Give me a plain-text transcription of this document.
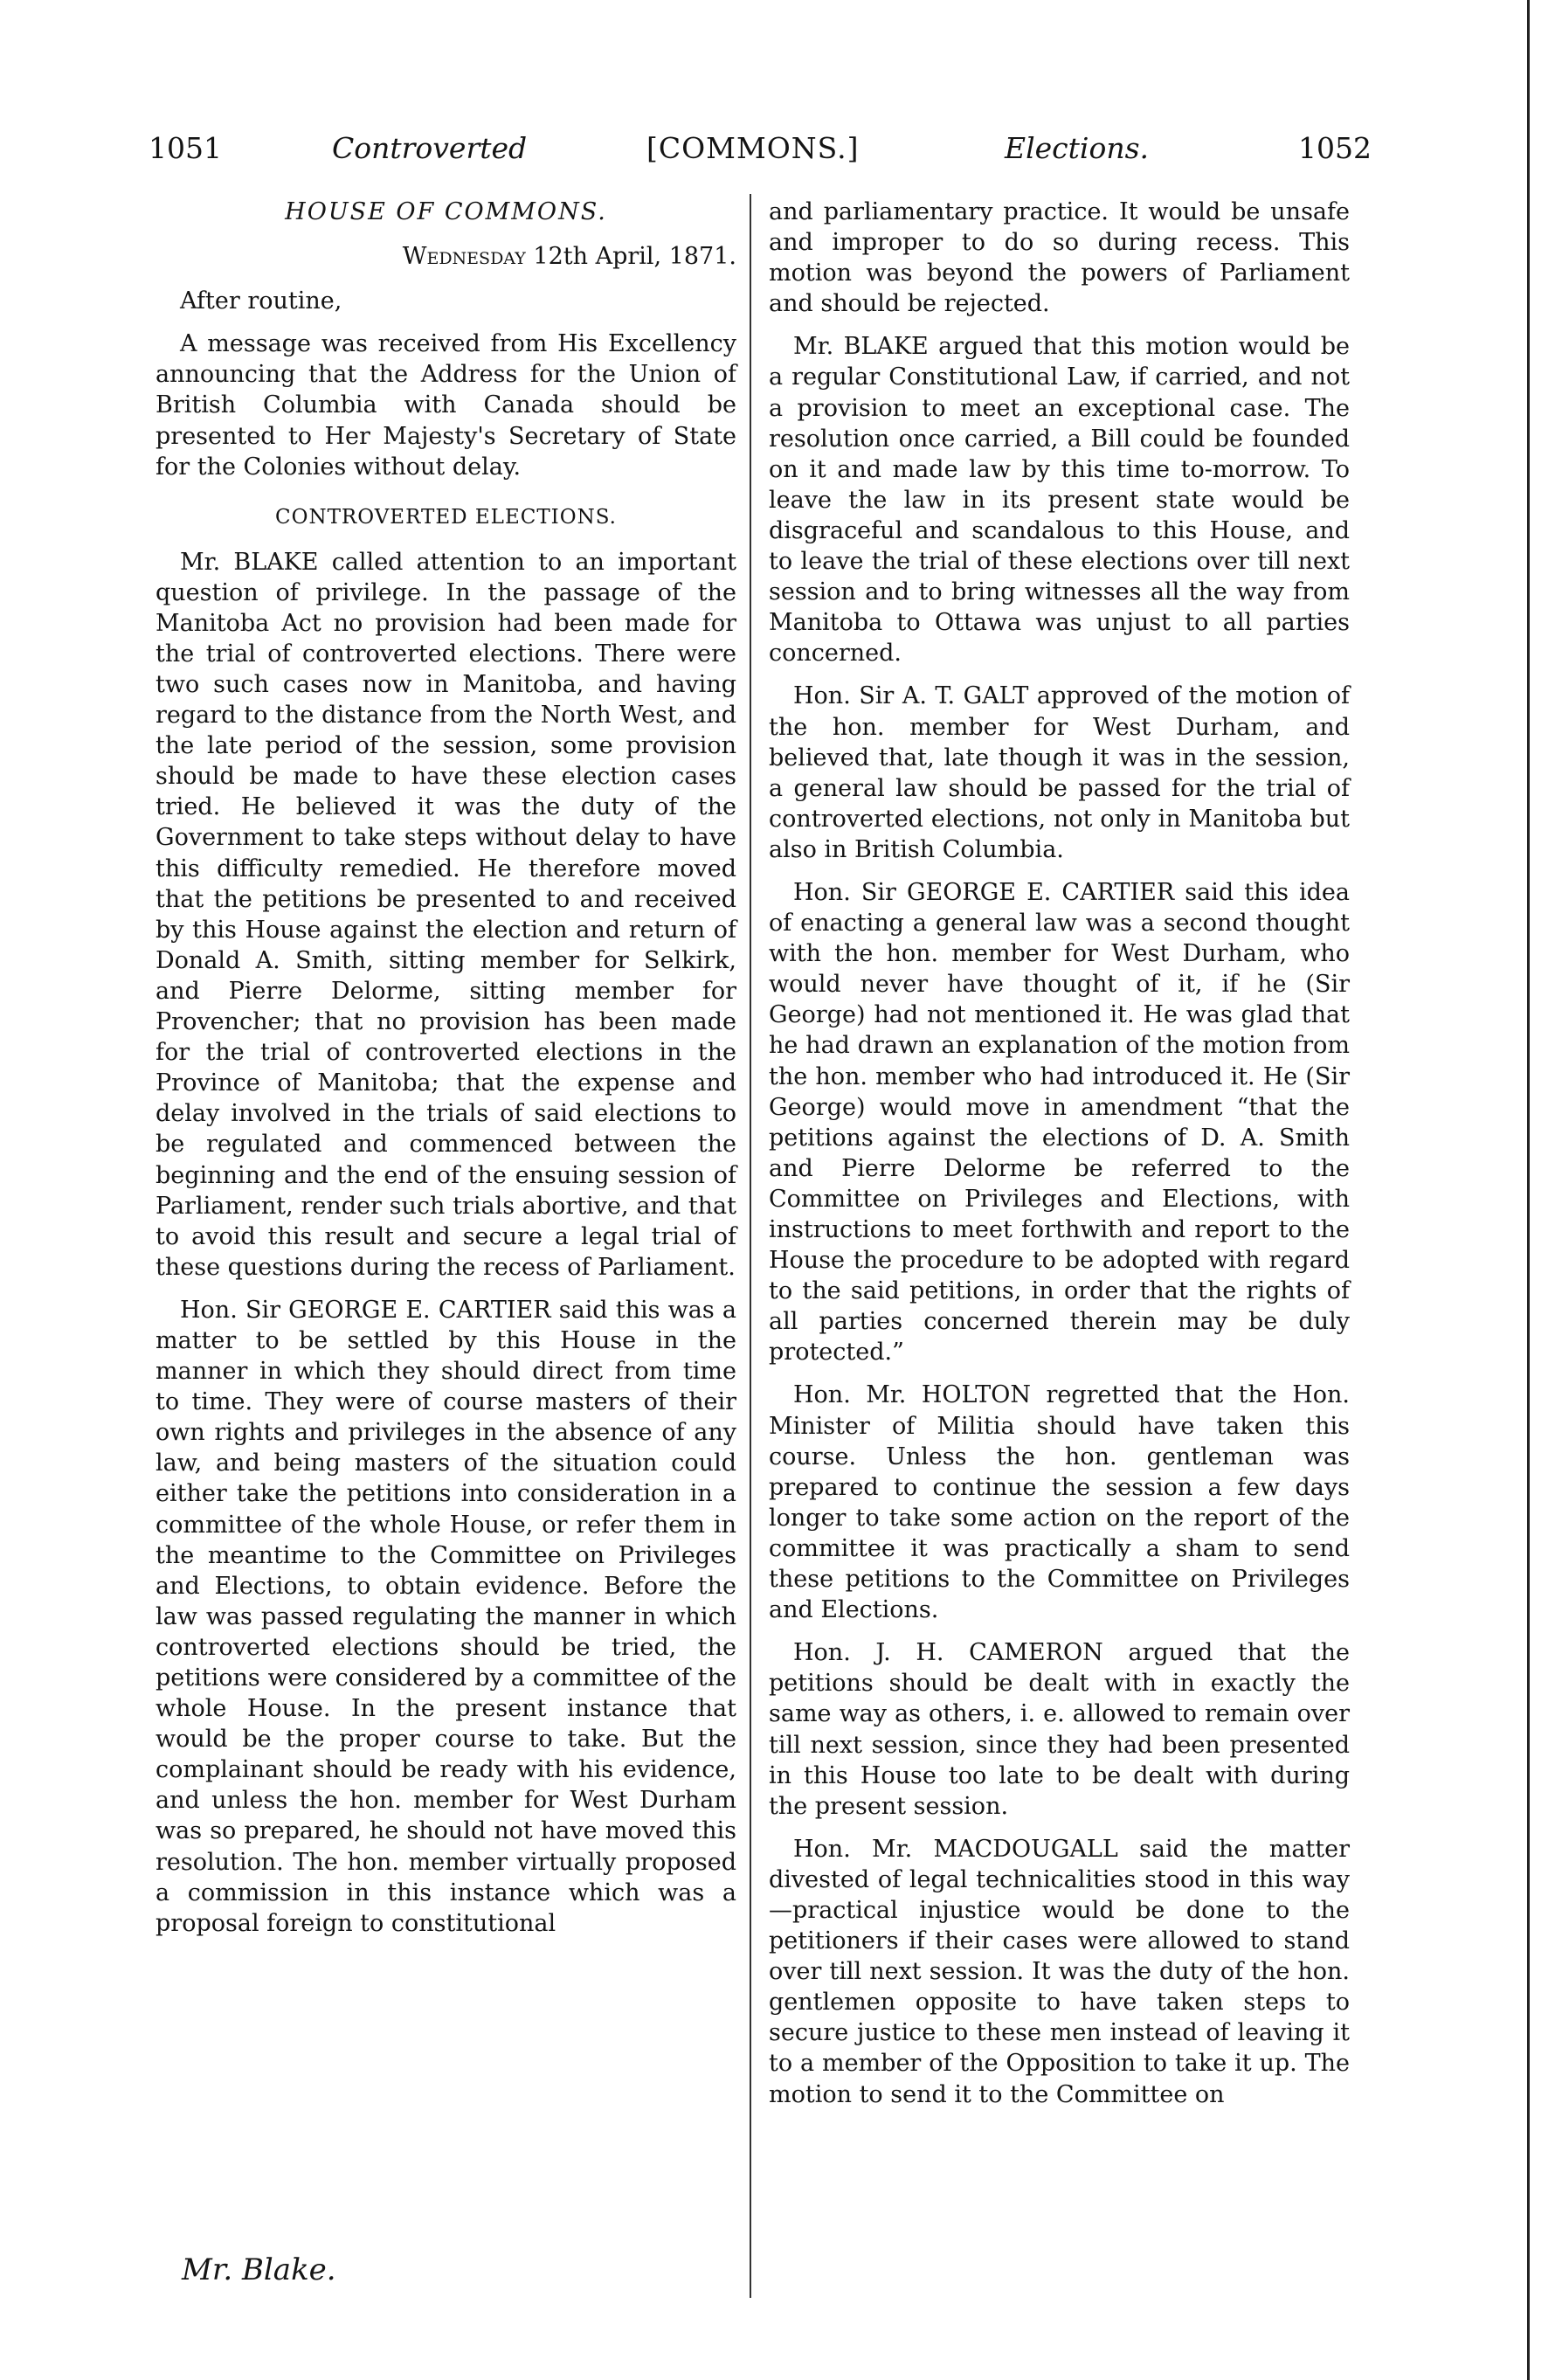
1051	Controverted	[COMMONS.]	Elections.	1052
HOUSE OF COMMONS.
Wednesday 12th April, 1871.

After routine,

A message was received from His Excellency announcing that the Address for the Union of British Columbia with Canada should be presented to Her Majesty's Secretary of State for the Colonies without delay.

CONTROVERTED ELECTIONS.

Mr. BLAKE called attention to an important question of privilege. In the passage of the Manitoba Act no provision had been made for the trial of controverted elections. There were two such cases now in Manitoba, and having regard to the distance from the North West, and the late period of the session, some provision should be made to have these election cases tried. He believed it was the duty of the Government to take steps without delay to have this difficulty remedied. He therefore moved that the petitions be presented to and received by this House against the election and return of Donald A. Smith, sitting member for Selkirk, and Pierre Delorme, sitting member for Provencher; that no provision has been made for the trial of controverted elections in the Province of Manitoba; that the expense and delay involved in the trials of said elections to be regulated and commenced between the beginning and the end of the ensuing session of Parliament, render such trials abortive, and that to avoid this result and secure a legal trial of these questions during the recess of Parliament.

Hon. Sir GEORGE E. CARTIER said this was a matter to be settled by this House in the manner in which they should direct from time to time. They were of course masters of their own rights and privileges in the absence of any law, and being masters of the situation could either take the petitions into consideration in a committee of the whole House, or refer them in the meantime to the Committee on Privileges and Elections, to obtain evidence. Before the law was passed regulating the manner in which controverted elections should be tried, the petitions were considered by a committee of the whole House. In the present instance that would be the proper course to take. But the complainant should be ready with his evidence, and unless the hon. member for West Durham was so prepared, he should not have moved this resolution. The hon. member virtually proposed a commission in this instance which was a proposal foreign to constitutional

and parliamentary practice. It would be unsafe and improper to do so during recess. This motion was beyond the powers of Parliament and should be rejected.

Mr. BLAKE argued that this motion would be a regular Constitutional Law, if carried, and not a provision to meet an exceptional case. The resolution once carried, a Bill could be founded on it and made law by this time to-morrow. To leave the law in its present state would be disgraceful and scandalous to this House, and to leave the trial of these elections over till next session and to bring witnesses all the way from Manitoba to Ottawa was unjust to all parties concerned.

Hon. Sir A. T. GALT approved of the motion of the hon. member for West Durham, and believed that, late though it was in the session, a general law should be passed for the trial of controverted elections, not only in Manitoba but also in British Columbia.

Hon. Sir GEORGE E. CARTIER said this idea of enacting a general law was a second thought with the hon. member for West Durham, who would never have thought of it, if he (Sir George) had not mentioned it. He was glad that he had drawn an explanation of the motion from the hon. member who had introduced it. He (Sir George) would move in amendment “that the petitions against the elections of D. A. Smith and Pierre Delorme be referred to the Committee on Privileges and Elections, with instructions to meet forthwith and report to the House the procedure to be adopted with regard to the said petitions, in order that the rights of all parties concerned therein may be duly protected.”

Hon. Mr. HOLTON regretted that the Hon. Minister of Militia should have taken this course. Unless the hon. gentleman was prepared to continue the session a few days longer to take some action on the report of the committee it was practically a sham to send these petitions to the Committee on Privileges and Elections.

Hon. J. H. CAMERON argued that the petitions should be dealt with in exactly the same way as others, i. e. allowed to remain over till next session, since they had been presented in this House too late to be dealt with during the present session.

Hon. Mr. MACDOUGALL said the matter divested of legal technicalities stood in this way—practical injustice would be done to the petitioners if their cases were allowed to stand over till next session. It was the duty of the hon. gentlemen opposite to have taken steps to secure justice to these men instead of leaving it to a member of the Opposition to take it up. The motion to send it to the Committee on

Mr. Blake.
